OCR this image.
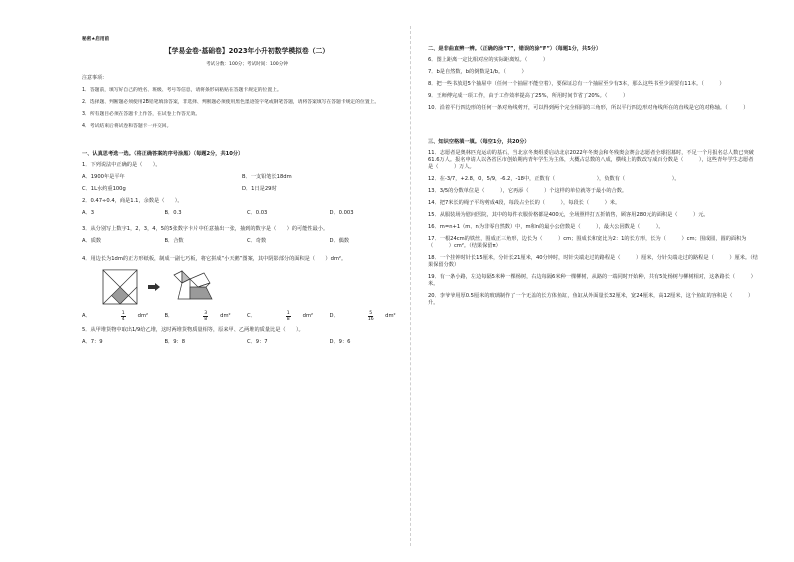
秘密★启用前
【学易金卷·基础卷】2023年小升初数学模拟卷（二）
考试分数：100分；考试时间：100分钟
注意事项：

1．答题前，填写好自己的姓名、班级、考号等信息，请将条形码粘贴在答题卡规定的位置上。

2．选择题、判断题必须使用2B铅笔填涂答案，非选择、判断题必须使用黑色墨迹签字笔或钢笔答题，请将答案填写在答题卡规定的位置上。

3．所有题目必须在答题卡上作答，在试卷上作答无效。

4．考试结束后将试卷和答题卡一并交回。

一、认真思考选一选。（将正确答案的序号涂黑）（每题2分，共10分）
1．下列说法中正确的是（　　）。
A．1900年是平年	B．一支铅笔长18dm
C．1L水约重100g	D．1日是29时
2．0.47÷0.4，商是1.1，余数是（　　）。
A．3	B．0.3	C．0.03	D．0.003
3．从分别写上数字1，2，3，4，5的5张数字卡片中任意抽出一张，抽到的数字是（　　）的可能性最小。
A．质数	B．合数	C．奇数	D．偶数
4．用边长为1dm的正方形纸板，制成一副七巧板，将它拼成“小天鹅”图案，其中阴影部分的面积是（　　）dm²。
A．	$\frac{1}{4} dm^2$	B．	$\frac{3}{8} dm^2$	C．	$\frac{1}{8} dm^2$	D．	$\frac{5}{16} dm^2$
5．从甲堆货物中取出1/9给乙堆，这时两堆货物质量相等，原来甲、乙两堆的质量比是（　　）。
A．7：9	B．9：8	C．9：7	D．9：6
二、是非曲直辨一辨。（正确的涂“T”，错误的涂“F”）（每题1分，共5分）
6．图上距离一定比相对应的实际距离短。（　　　）
7．b是自然数，b的倒数是1/b。（　　　）
8．把一些书放进5个抽屉中（任何一个抽屉不能空着），要保证总有一个抽屉至少有3本，那么这些书至少需要有11本。（　　　）
9．王师傅完成一项工作，由于工作效率提高了25%，所用时间节省了20%。（　　　）
10．沿着平行四边形的任何一条对角线剪开，可以得到两个完全相同的三角形，所以平行四边形对角线所在的直线是它的对称轴。（　　　）
三、知识空格填一填。（每空1分，共20分）
11．志愿者是奥林匹克运动的基石，当北京冬奥组委启动北京2022年冬奥会和冬残奥会赛会志愿者全球招募时，不足一个月报名总人数已突破61.6万人。报名申请人以各省区市创始期内青年学生为主体，大概占总数的八成，横线上的数改写成百分数是（　　　），这些青年学生志愿者是（　　　）万人。
12．在-3/7，+2.8，0，5/9，-6.2，-18中，正数有（　　　　　　　　），负数有（　　　　　　　　　）。
13．3/5的分数单位是（　　　），它再添（　　　）个这样的单位就等于最小的合数。
14．把7米长的绳子平均剪成4段，每段占全长的（　　　），每段长（　　　）米。
15．从服装场为慰问医院，其中的每件衣服价格都是400元，全场照样打五折销售，顾客用280元的面积是（　　　）元。
16．m=n+1（m、n为非零自然数）中，m和n的最小公倍数是（　　　），最大公因数是（　　　）。
17．一根24cm的铁丝，围成正三角形，边长为（　　　）cm；围成长和宽比为2：1的长方形，长为（　　　）cm；围成圆，圆的面积为（　　　）cm²。（结果保留π）
18．一个挂钟时针长15厘米，分针长21厘米，40分钟时，时针尖端走过的路程是（　　　）厘米，分针尖端走过的路程是（　　　）厘米。（结果保留分数）
19．有一条小路，左边每隔5米种一棵杨树，右边每隔6米种一棵柳树，从路的一端同时开始种，共有5处杨树与柳树相对，这条路长（　　　）米。
20．李爷爷用厚0.5厘米的玻璃制作了一个无盖的长方体鱼缸，鱼缸从外面量长32厘米，宽24厘米，高12厘米，这个鱼缸的容积是（　　　）升。
